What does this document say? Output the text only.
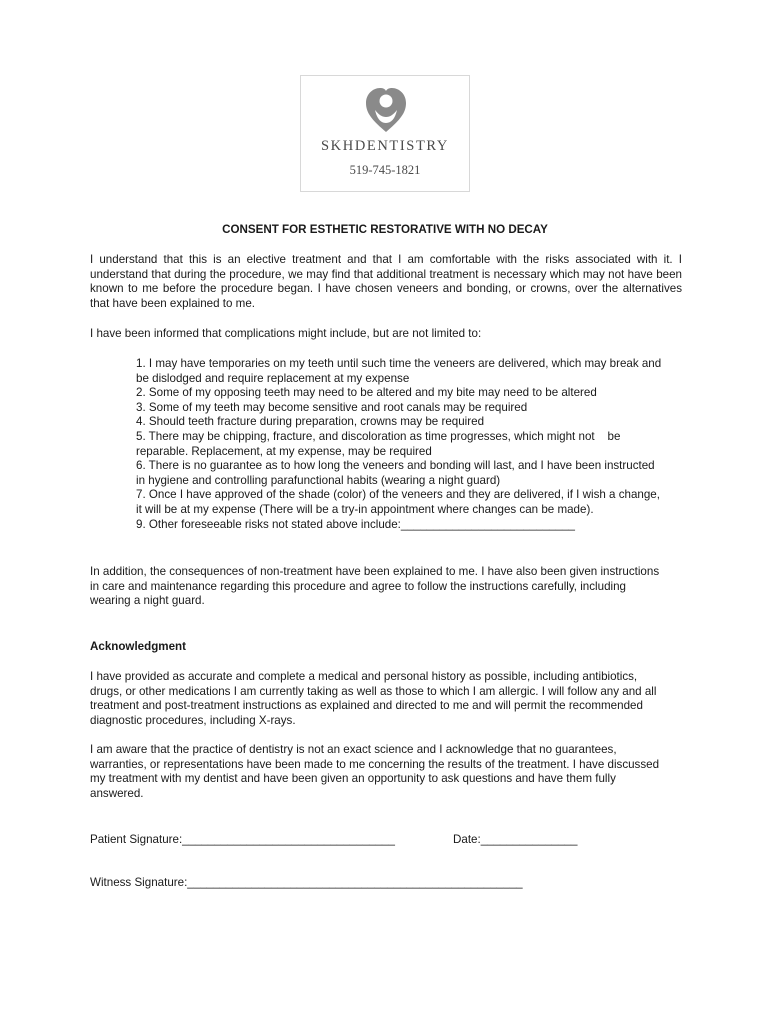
SKHDENTISTRY
519-745-1821
CONSENT FOR ESTHETIC RESTORATIVE WITH NO DECAY

I understand that this is an elective treatment and that I am comfortable with the risks associated with it. I understand that during the procedure, we may find that additional treatment is necessary which may not have been known to me before the procedure began. I have chosen veneers and bonding, or crowns, over the alternatives that have been explained to me.

I have been informed that complications might include, but are not limited to:

1. I may have temporaries on my teeth until such time the veneers are delivered, which may break and be dislodged and require replacement at my expense
2. Some of my opposing teeth may need to be altered and my bite may need to be altered
3. Some of my teeth may become sensitive and root canals may be required
4. Should teeth fracture during preparation, crowns may be required
5. There may be chipping, fracture, and discoloration as time progresses, which might not    be reparable. Replacement, at my expense, may be required
6. There is no guarantee as to how long the veneers and bonding will last, and I have been instructed in hygiene and controlling parafunctional habits (wearing a night guard)
7. Once I have approved of the shade (color) of the veneers and they are delivered, if I wish a change, it will be at my expense (There will be a try-in appointment where changes can be made).
9. Other foreseeable risks not stated above include:___________________________

In addition, the consequences of non-treatment have been explained to me. I have also been given instructions in care and maintenance regarding this procedure and agree to follow the instructions carefully, including wearing a night guard.

Acknowledgment

I have provided as accurate and complete a medical and personal history as possible, including antibiotics, drugs, or other medications I am currently taking as well as those to which I am allergic. I will follow any and all treatment and post-treatment instructions as explained and directed to me and will permit the recommended diagnostic procedures, including X-rays.

I am aware that the practice of dentistry is not an exact science and I acknowledge that no guarantees, warranties, or representations have been made to me concerning the results of the treatment. I have discussed my treatment with my dentist and have been given an opportunity to ask questions and have them fully answered.

Patient Signature:_________________________________	Date:_______________

Witness Signature:____________________________________________________
